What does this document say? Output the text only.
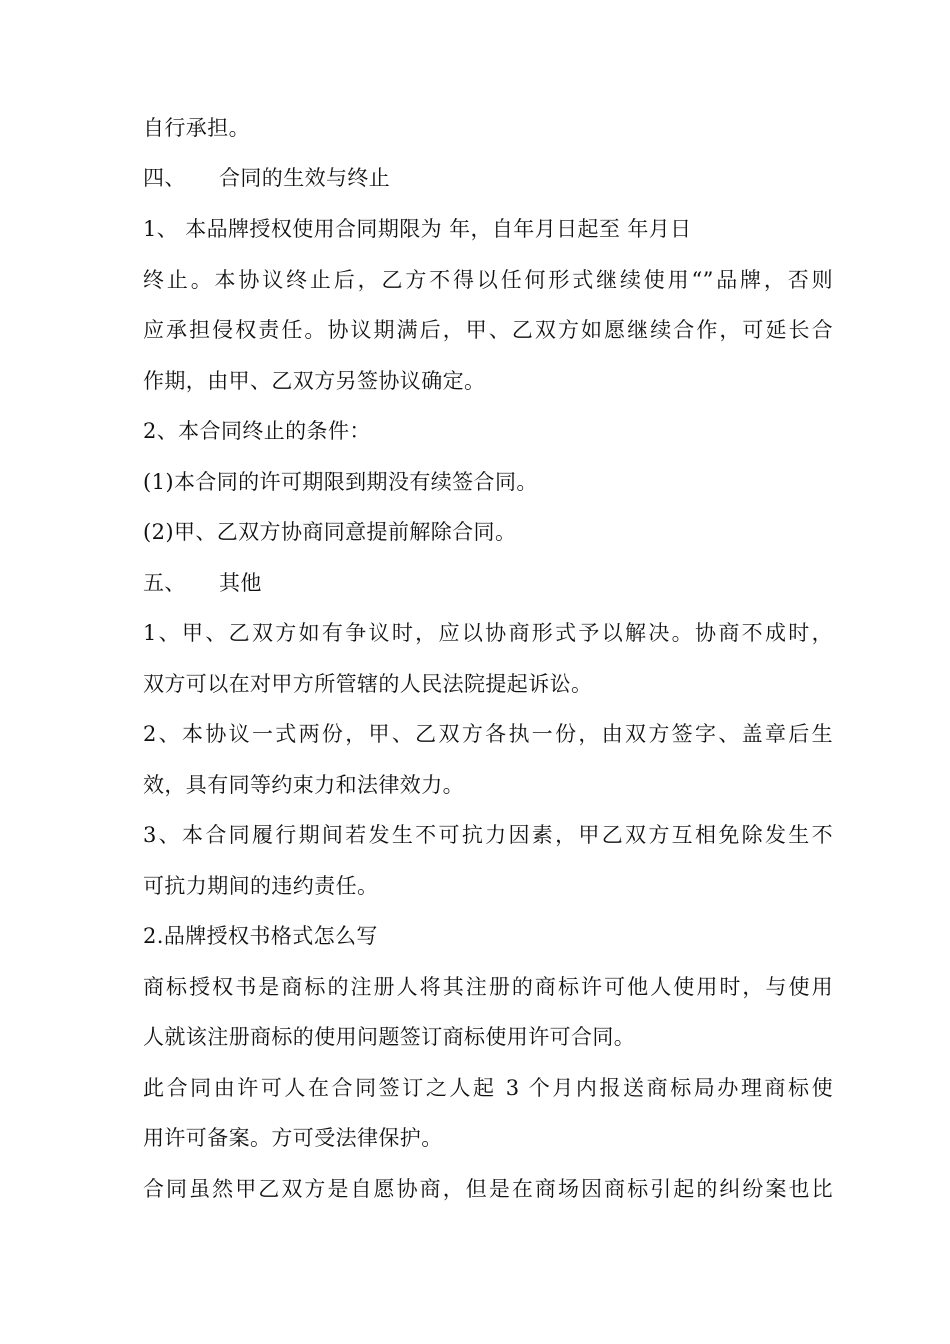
自行承担。
四、 合同的生效与终止
1、 本品牌授权使用合同期限为 年，自年月日起至 年月日
终止。本协议终止后，乙方不得以任何形式继续使用“”品牌，否则
应承担侵权责任。协议期满后，甲、乙双方如愿继续合作，可延长合
作期，由甲、乙双方另签协议确定。
2、本合同终止的条件：
(1)本合同的许可期限到期没有续签合同。
(2)甲、乙双方协商同意提前解除合同。
五、 其他
1、甲、乙双方如有争议时，应以协商形式予以解决。协商不成时，
双方可以在对甲方所管辖的人民法院提起诉讼。
2、本协议一式两份，甲、乙双方各执一份，由双方签字、盖章后生
效，具有同等约束力和法律效力。
3、本合同履行期间若发生不可抗力因素，甲乙双方互相免除发生不
可抗力期间的违约责任。
2.品牌授权书格式怎么写
商标授权书是商标的注册人将其注册的商标许可他人使用时，与使用
人就该注册商标的使用问题签订商标使用许可合同。
此合同由许可人在合同签订之人起 3 个月内报送商标局办理商标使
用许可备案。方可受法律保护。
合同虽然甲乙双方是自愿协商，但是在商场因商标引起的纠纷案也比
